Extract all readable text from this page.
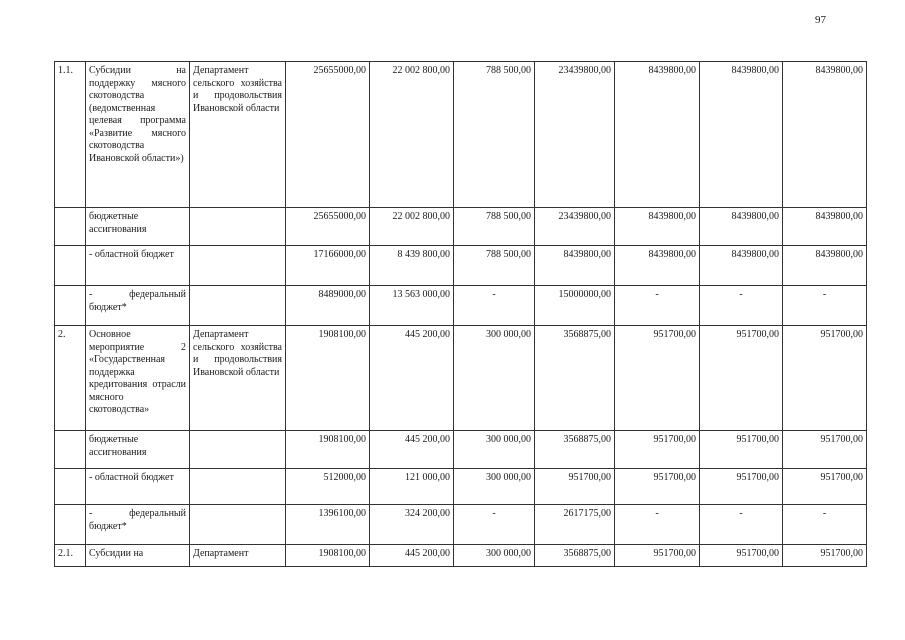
97
1.1.	Субсидии на поддержку мясного скотоводства (ведомственная целевая программа «Развитие мясного скотоводства Ивановской области»)	Департамент сельского хозяйства и продовольствия Ивановской области	25655000,00	22 002 800,00	788 500,00	23439800,00	8439800,00	8439800,00	8439800,00
	бюджетные ассигнования		25655000,00	22 002 800,00	788 500,00	23439800,00	8439800,00	8439800,00	8439800,00
	- областной бюджет		17166000,00	8 439 800,00	788 500,00	8439800,00	8439800,00	8439800,00	8439800,00
	- федеральный бюджет*		8489000,00	13 563 000,00	-	15000000,00	-	-	-
2.	Основное мероприятие 2 «Государственная поддержка кредитования отрасли мясного скотоводства»	Департамент сельского хозяйства и продовольствия Ивановской области	1908100,00	445 200,00	300 000,00	3568875,00	951700,00	951700,00	951700,00
	бюджетные ассигнования		1908100,00	445 200,00	300 000,00	3568875,00	951700,00	951700,00	951700,00
	- областной бюджет		512000,00	121 000,00	300 000,00	951700,00	951700,00	951700,00	951700,00
	- федеральный бюджет*		1396100,00	324 200,00	-	2617175,00	-	-	-
2.1.	Субсидии на	Департамент	1908100,00	445 200,00	300 000,00	3568875,00	951700,00	951700,00	951700,00
